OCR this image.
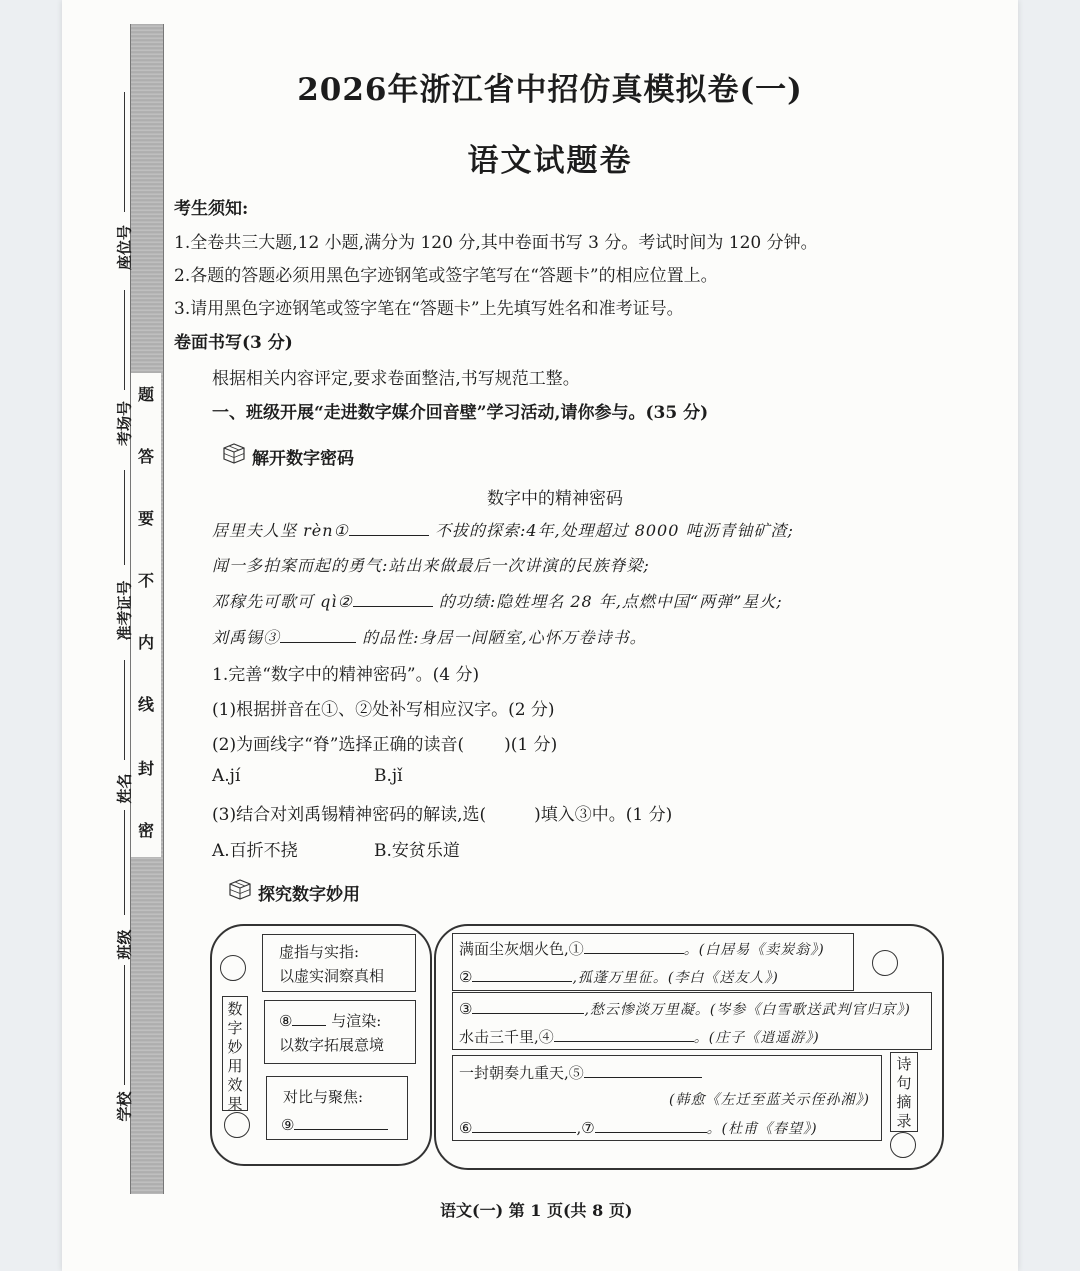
题
答
要
不
内
线
封
密
座位号
考场号
准考证号
姓名
班级
学校
2026年浙江省中招仿真模拟卷(一)
语文试题卷
考生须知:
1.全卷共三大题,12 小题,满分为 120 分,其中卷面书写 3 分。考试时间为 120 分钟。
2.各题的答题必须用黑色字迹钢笔或签字笔写在“答题卡”的相应位置上。
3.请用黑色字迹钢笔或签字笔在“答题卡”上先填写姓名和准考证号。
卷面书写(3 分)
根据相关内容评定,要求卷面整洁,书写规范工整。
一、班级开展“走进数字媒介回音壁”学习活动,请你参与。(35 分)
解开数字密码
数字中的精神密码
居里夫人坚 rèn①	不拔的探索:4年,处理超过 8000 吨沥青铀矿渣;
闻一多拍案而起的勇气:站出来做最后一次讲演的民族脊梁;
邓稼先可歌可 qì②	的功绩:隐姓埋名 28 年,点燃中国“两弹”星火;
刘禹锡③	的品性:身居一间陋室,心怀万卷诗书。
1.完善“数字中的精神密码”。(4 分)
(1)根据拼音在①、②处补写相应汉字。(2 分)
(2)为画线字“脊”选择正确的读音( )(1 分)
A.jí	B.jǐ
(3)结合对刘禹锡精神密码的解读,选(	)填入③中。(1 分)
A.百折不挠	B.安贫乐道
探究数字妙用
数字妙用效果
虚指与实指:
以虚实洞察真相
⑧	与渲染:
以数字拓展意境
对比与聚焦:
⑨
满面尘灰烟火色,①	。(白居易《卖炭翁》)
②	,孤蓬万里征。(李白《送友人》)
③	,愁云惨淡万里凝。(岑参《白雪歌送武判官归京》)
水击三千里,④	。(庄子《逍遥游》)
一封朝奏九重天,⑤
(韩愈《左迁至蓝关示侄孙湘》)
⑥	,⑦	。(杜甫《春望》)
诗句摘录
语文(一) 第 1 页(共 8 页)
